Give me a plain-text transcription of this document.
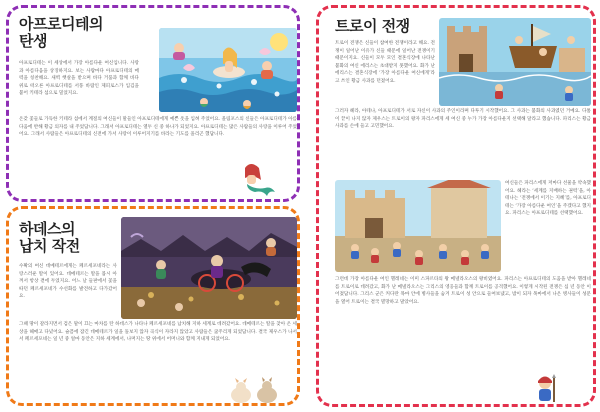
아프로디테의
탄생

아프로디테는 이 세상에서 가장 아름다운 여신입니다. 사랑과 아름다움을 상징하지요. 보는 사람마다 아프로디테의 매력을 칭찬해요. 새벽 햇살을 받으며 바다 거품과 함께 바다 위로 떠오른 아프로디테를 서풍 바람인 제피로스가 입김을 불어 키테라 섬으로 밀었지요.

온갖 꽃들로 가득한 키테라 섬에서 계절의 여신들이 말들인 아프로디테에게 예쁜 옷을 입혀 주었어요. 올림포스의 신들은 아프로디테가 아름다움에 반해 황금 의자를 내 주었답니다. 그래서 아프로디테는 열두 신 중 하나가 되었지요. 아프로디테는 많은 사람들의 사랑을 이루어 주었어요. 그래서 사람들은 아프로디테의 신전에 가서 사랑이 이루어지기를 바라는 기도를 올리곤 했답니다.

하데스의
납치 작전

수확의 여신 데메테르에게는 페르세포네라는 사랑스러운 딸이 있어요. 데메테르는 딸을 몹시 아껴서 항상 곁에 두었지요. 어느 날 들판에서 꽃을 따던 페르세포네가 수선화를 발견하고 다가갔어요.

그때 땅이 갈라지면서 검은 말이 끄는 마차를 탄 하데스가 나타나 페르세포네를 납치해 지하 세계로 데려갔어요. 데메테르는 딸을 찾아 온 세상을 헤매고 다녔어요. 슬픔에 잠긴 데메테르가 일을 돌보지 않자 곡식이 자라지 않았고 사람들은 굶주리게 되었답니다. 결국 제우스가 나서서 페르세포네는 일 년 중 얼마 동안은 지하 세계에서, 나머지는 땅 위에서 어머니와 함께 지내게 되었어요.

트로이 전쟁

트로이 전쟁은 신들이 참여한 전쟁이라고 해요. 전쟁이 일어난 이유가 신들 때문에 일어난 전쟁이기 때문이지요. 신들이 모두 모인 결혼식장에 나타난 불화의 여신 에리스는 초대받지 못했어요. 화가 난 에리스는 결혼식장에 ‘가장 아름다운 여신에게’라고 쓰인 황금 사과를 던졌어요.

그러자 헤라, 아테나, 아프로디테가 서로 자신이 사과의 주인이라며 다투기 시작했어요. 그 사과는 불화의 사과였던 거예요. 다툼이 끝이 나지 않자 제우스는 트로이의 왕자 파리스에게 세 여신 중 누가 가장 아름다운지 선택해 달라고 했습니다. 파리스는 황금 사과를 손에 들고 고민했어요.

여신들은 파리스에게 저마다 선물을 약속했어요. 헤라는 ‘세계를 지배하는 권력’을, 아테나는 ‘전쟁에서 이기는 지혜’를, 아프로디테는 ‘가장 아름다운 여인’을 주겠다고 했지요. 파리스는 아프로디테를 선택했어요.

그런데 가장 아름다운 여인 헬레네는 이미 스파르타의 왕 메넬라오스의 왕비였어요. 파리스는 아프로디테의 도움을 받아 헬레네를 트로이로 데려갔고, 화가 난 메넬라오스는 그리스의 영웅들과 함께 트로이를 공격했어요. 이렇게 시작된 전쟁은 십 년 동안 이어졌답니다. 그리스 군은 커다란 목마 안에 병사들을 숨겨 트로이 성 안으로 들여보냈고, 밤이 되자 목마에서 나온 병사들이 성문을 열어 트로이는 결국 멸망하고 말았어요.
